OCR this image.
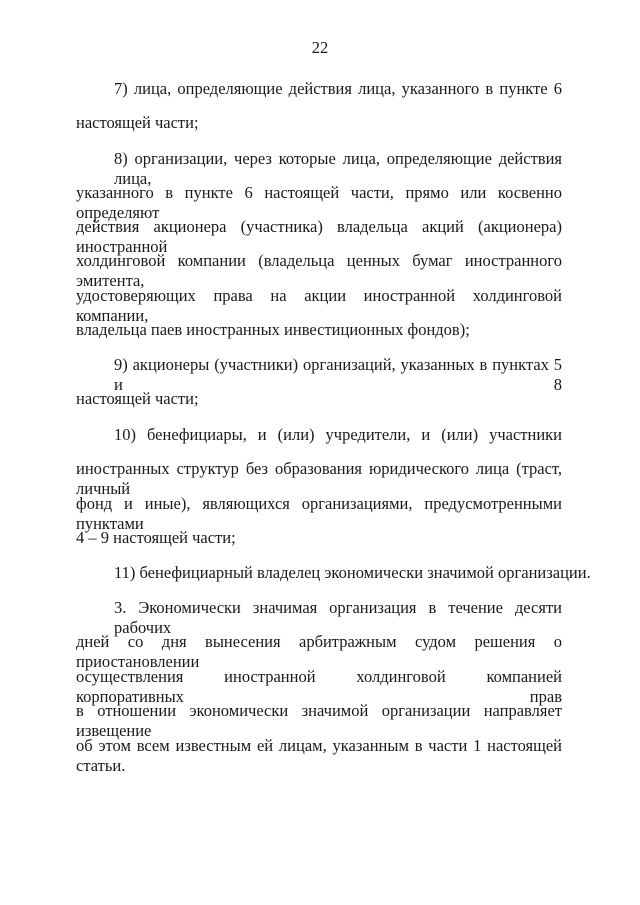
22
7) лица, определяющие действия лица, указанного в пункте 6
настоящей части;
8) организации, через которые лица, определяющие действия лица,
указанного в пункте 6 настоящей части, прямо или косвенно определяют
действия акционера (участника) владельца акций (акционера) иностранной
холдинговой компании (владельца ценных бумаг иностранного эмитента,
удостоверяющих права на акции иностранной холдинговой компании,
владельца паев иностранных инвестиционных фондов);
9) акционеры (участники) организаций, указанных в пунктах 5 и 8
настоящей части;
10) бенефициары, и (или) учредители, и (или) участники
иностранных структур без образования юридического лица (траст, личный
фонд и иные), являющихся организациями, предусмотренными пунктами
4 – 9 настоящей части;
11) бенефициарный владелец экономически значимой организации.
3. Экономически значимая организация в течение десяти рабочих
дней со дня вынесения арбитражным судом решения о приостановлении
осуществления иностранной холдинговой компанией корпоративных прав
в отношении экономически значимой организации направляет извещение
об этом всем известным ей лицам, указанным в части 1 настоящей статьи.
